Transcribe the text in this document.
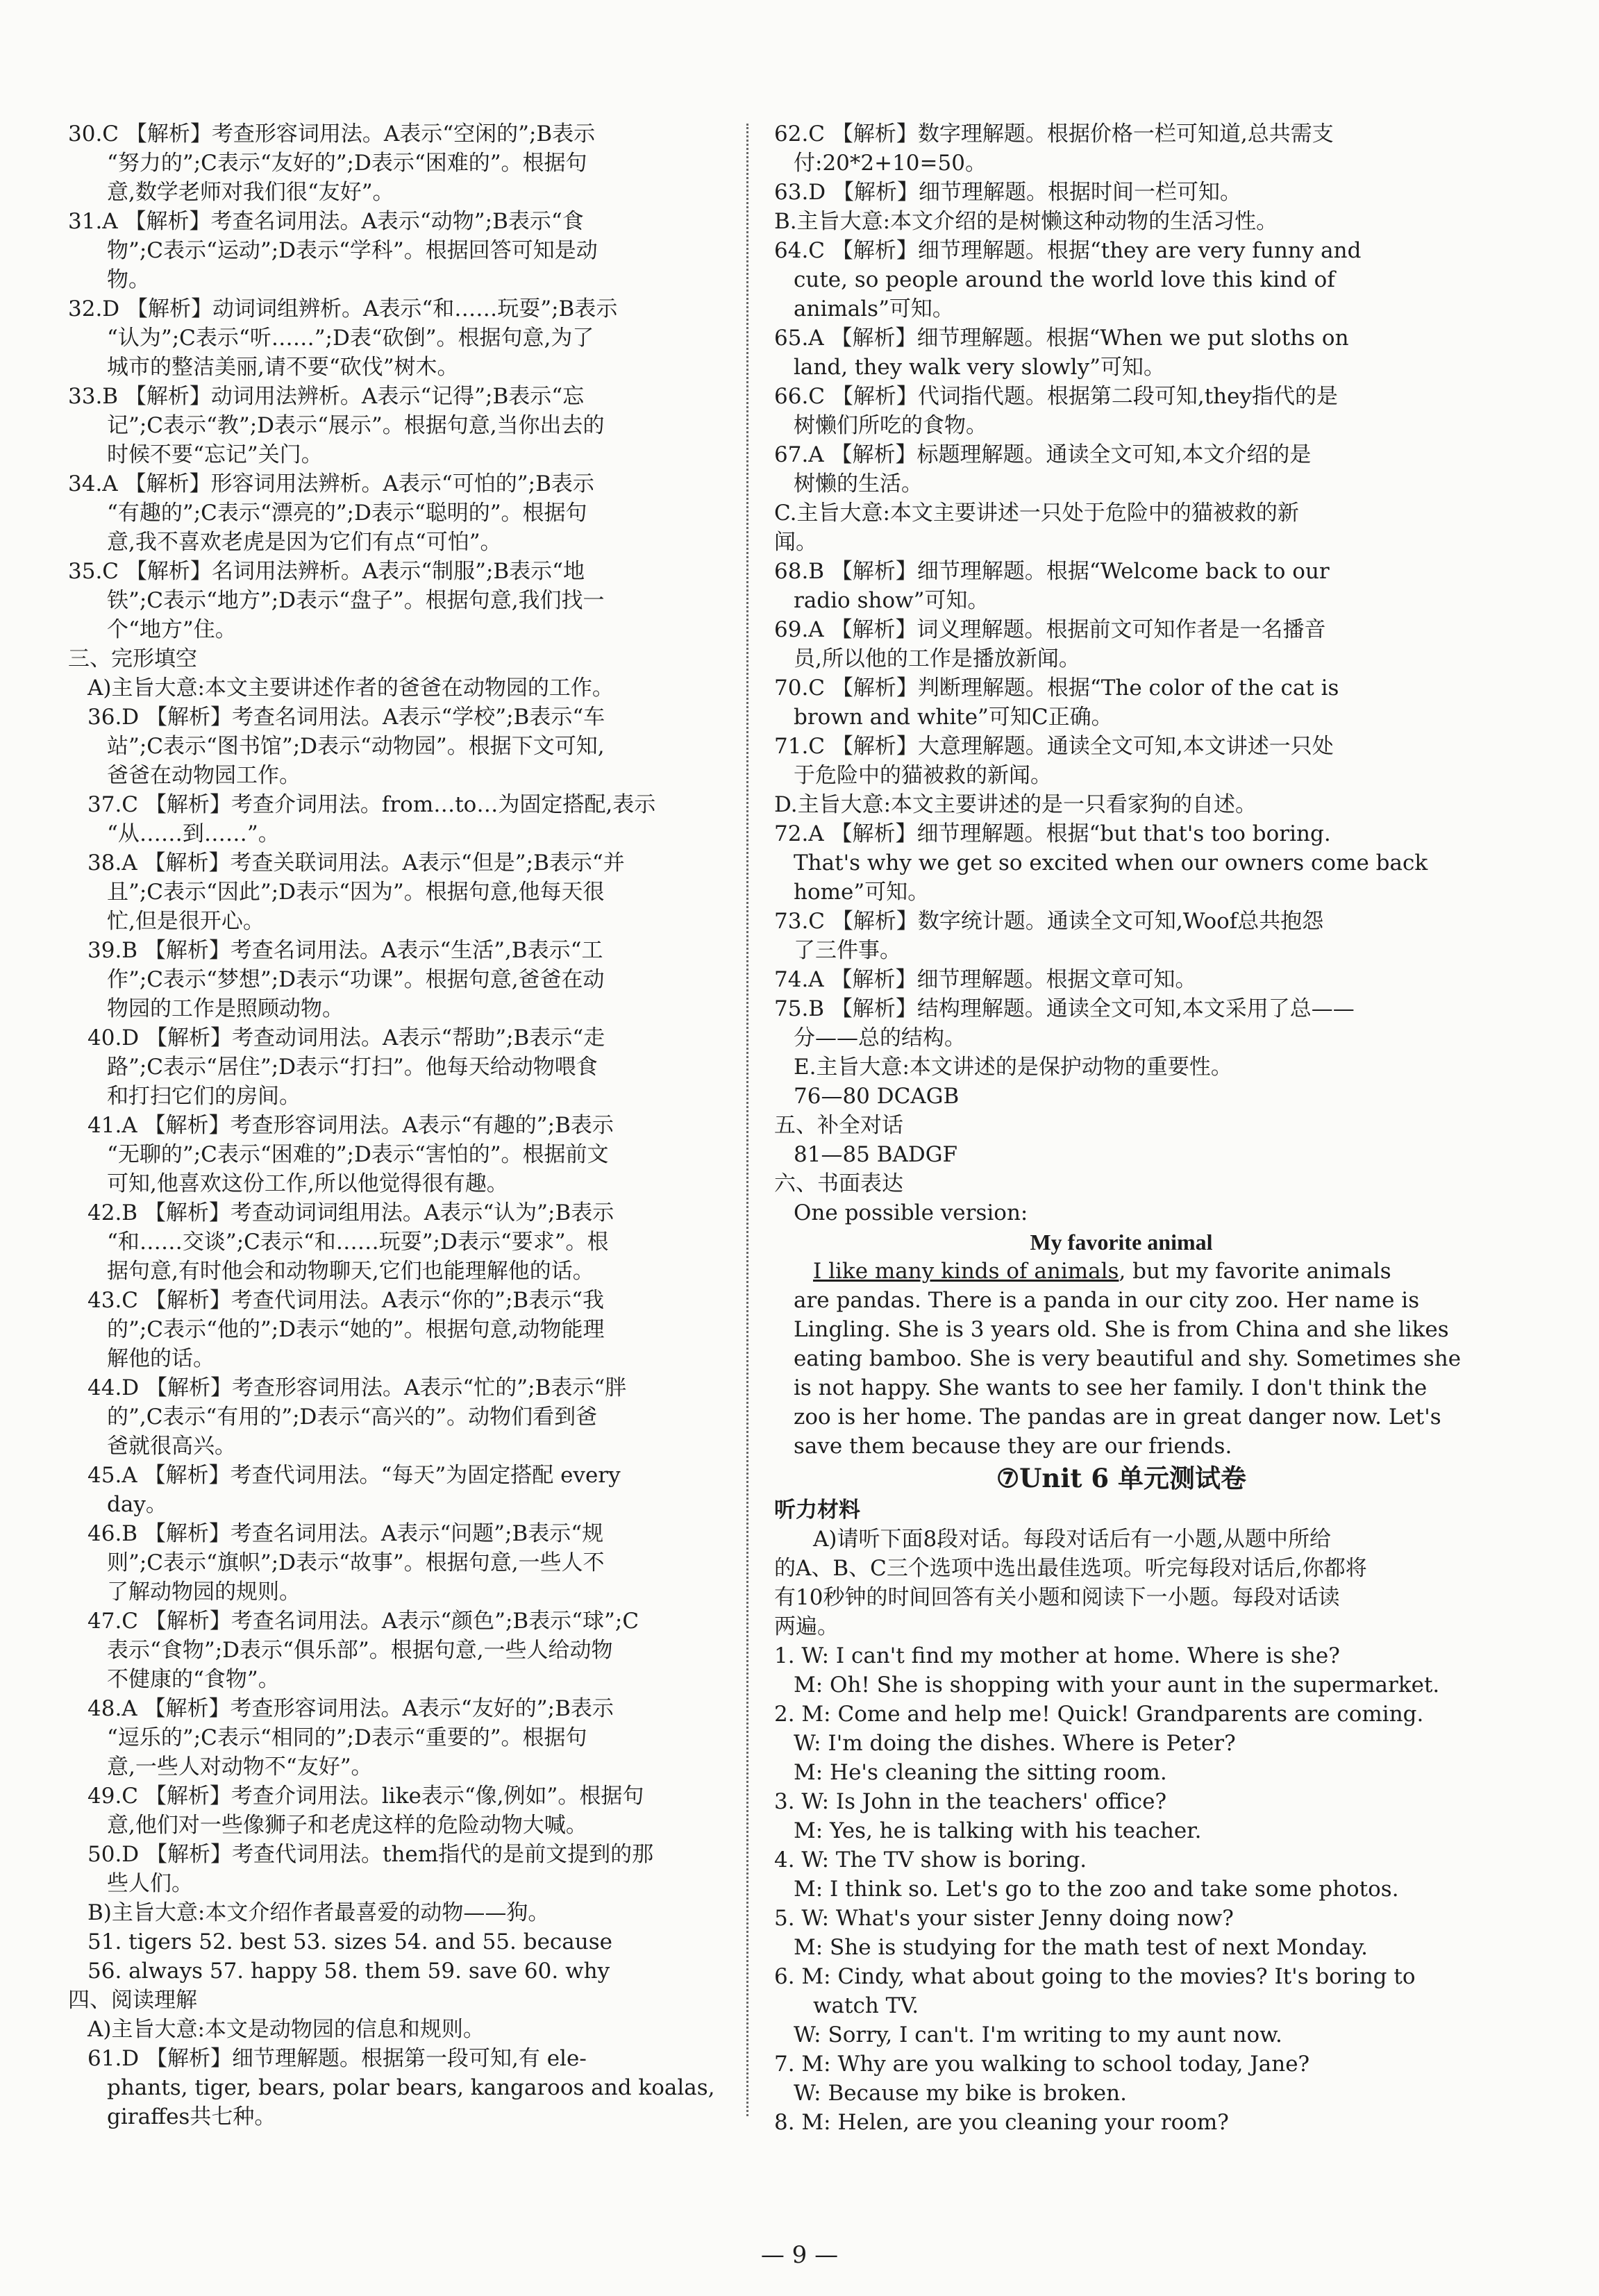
30.C 【解析】考查形容词用法。A表示“空闲的”;B表示
“努力的”;C表示“友好的”;D表示“困难的”。根据句
意,数学老师对我们很“友好”。
31.A 【解析】考查名词用法。A表示“动物”;B表示“食
物”;C表示“运动”;D表示“学科”。根据回答可知是动
物。
32.D 【解析】动词词组辨析。A表示“和……玩耍”;B表示
“认为”;C表示“听……”;D表“砍倒”。根据句意,为了
城市的整洁美丽,请不要“砍伐”树木。
33.B 【解析】动词用法辨析。A表示“记得”;B表示“忘
记”;C表示“教”;D表示“展示”。根据句意,当你出去的
时候不要“忘记”关门。
34.A 【解析】形容词用法辨析。A表示“可怕的”;B表示
“有趣的”;C表示“漂亮的”;D表示“聪明的”。根据句
意,我不喜欢老虎是因为它们有点“可怕”。
35.C 【解析】名词用法辨析。A表示“制服”;B表示“地
铁”;C表示“地方”;D表示“盘子”。根据句意,我们找一
个“地方”住。
三、完形填空
A)主旨大意:本文主要讲述作者的爸爸在动物园的工作。
36.D 【解析】考查名词用法。A表示“学校”;B表示“车
站”;C表示“图书馆”;D表示“动物园”。根据下文可知,
爸爸在动物园工作。
37.C 【解析】考查介词用法。from…to…为固定搭配,表示
“从……到……”。
38.A 【解析】考查关联词用法。A表示“但是”;B表示“并
且”;C表示“因此”;D表示“因为”。根据句意,他每天很
忙,但是很开心。
39.B 【解析】考查名词用法。A表示“生活”,B表示“工
作”;C表示“梦想”;D表示“功课”。根据句意,爸爸在动
物园的工作是照顾动物。
40.D 【解析】考查动词用法。A表示“帮助”;B表示“走
路”;C表示“居住”;D表示“打扫”。他每天给动物喂食
和打扫它们的房间。
41.A 【解析】考查形容词用法。A表示“有趣的”;B表示
“无聊的”;C表示“困难的”;D表示“害怕的”。根据前文
可知,他喜欢这份工作,所以他觉得很有趣。
42.B 【解析】考查动词词组用法。A表示“认为”;B表示
“和……交谈”;C表示“和……玩耍”;D表示“要求”。根
据句意,有时他会和动物聊天,它们也能理解他的话。
43.C 【解析】考查代词用法。A表示“你的”;B表示“我
的”;C表示“他的”;D表示“她的”。根据句意,动物能理
解他的话。
44.D 【解析】考查形容词用法。A表示“忙的”;B表示“胖
的”,C表示“有用的”;D表示“高兴的”。动物们看到爸
爸就很高兴。
45.A 【解析】考查代词用法。“每天”为固定搭配 every
day。
46.B 【解析】考查名词用法。A表示“问题”;B表示“规
则”;C表示“旗帜”;D表示“故事”。根据句意,一些人不
了解动物园的规则。
47.C 【解析】考查名词用法。A表示“颜色”;B表示“球”;C
表示“食物”;D表示“俱乐部”。根据句意,一些人给动物
不健康的“食物”。
48.A 【解析】考查形容词用法。A表示“友好的”;B表示
“逗乐的”;C表示“相同的”;D表示“重要的”。根据句
意,一些人对动物不“友好”。
49.C 【解析】考查介词用法。like表示“像,例如”。根据句
意,他们对一些像狮子和老虎这样的危险动物大喊。
50.D 【解析】考查代词用法。them指代的是前文提到的那
些人们。
B)主旨大意:本文介绍作者最喜爱的动物——狗。
51. tigers 52. best 53. sizes 54. and 55. because
56. always 57. happy 58. them 59. save 60. why
四、阅读理解
A)主旨大意:本文是动物园的信息和规则。
61.D 【解析】细节理解题。根据第一段可知,有 ele-
phants, tiger, bears, polar bears, kangaroos and koalas,
giraffes共七种。
62.C 【解析】数字理解题。根据价格一栏可知道,总共需支
付:20*2+10=50。
63.D 【解析】细节理解题。根据时间一栏可知。
B.主旨大意:本文介绍的是树懒这种动物的生活习性。
64.C 【解析】细节理解题。根据“they are very funny and
cute, so people around the world love this kind of
animals”可知。
65.A 【解析】细节理解题。根据“When we put sloths on
land, they walk very slowly”可知。
66.C 【解析】代词指代题。根据第二段可知,they指代的是
树懒们所吃的食物。
67.A 【解析】标题理解题。通读全文可知,本文介绍的是
树懒的生活。
C.主旨大意:本文主要讲述一只处于危险中的猫被救的新
闻。
68.B 【解析】细节理解题。根据“Welcome back to our
radio show”可知。
69.A 【解析】词义理解题。根据前文可知作者是一名播音
员,所以他的工作是播放新闻。
70.C 【解析】判断理解题。根据“The color of the cat is
brown and white”可知C正确。
71.C 【解析】大意理解题。通读全文可知,本文讲述一只处
于危险中的猫被救的新闻。
D.主旨大意:本文主要讲述的是一只看家狗的自述。
72.A 【解析】细节理解题。根据“but that's too boring.
That's why we get so excited when our owners come back
home”可知。
73.C 【解析】数字统计题。通读全文可知,Woof总共抱怨
了三件事。
74.A 【解析】细节理解题。根据文章可知。
75.B 【解析】结构理解题。通读全文可知,本文采用了总——
分——总的结构。
E.主旨大意:本文讲述的是保护动物的重要性。
76—80 DCAGB
五、补全对话
81—85 BADGF
六、书面表达
One possible version:
My favorite animal
I like many kinds of animals, but my favorite animals
are pandas. There is a panda in our city zoo. Her name is
Lingling. She is 3 years old. She is from China and she likes
eating bamboo. She is very beautiful and shy. Sometimes she
is not happy. She wants to see her family. I don't think the
zoo is her home. The pandas are in great danger now. Let's
save them because they are our friends.
⑦Unit 6 单元测试卷
听力材料
A)请听下面8段对话。每段对话后有一小题,从题中所给
的A、B、C三个选项中选出最佳选项。听完每段对话后,你都将
有10秒钟的时间回答有关小题和阅读下一小题。每段对话读
两遍。
1. W: I can't find my mother at home. Where is she?
M: Oh! She is shopping with your aunt in the supermarket.
2. M: Come and help me! Quick! Grandparents are coming.
W: I'm doing the dishes. Where is Peter?
M: He's cleaning the sitting room.
3. W: Is John in the teachers' office?
M: Yes, he is talking with his teacher.
4. W: The TV show is boring.
M: I think so. Let's go to the zoo and take some photos.
5. W: What's your sister Jenny doing now?
M: She is studying for the math test of next Monday.
6. M: Cindy, what about going to the movies? It's boring to
watch TV.
W: Sorry, I can't. I'm writing to my aunt now.
7. M: Why are you walking to school today, Jane?
W: Because my bike is broken.
8. M: Helen, are you cleaning your room?
— 9 —
